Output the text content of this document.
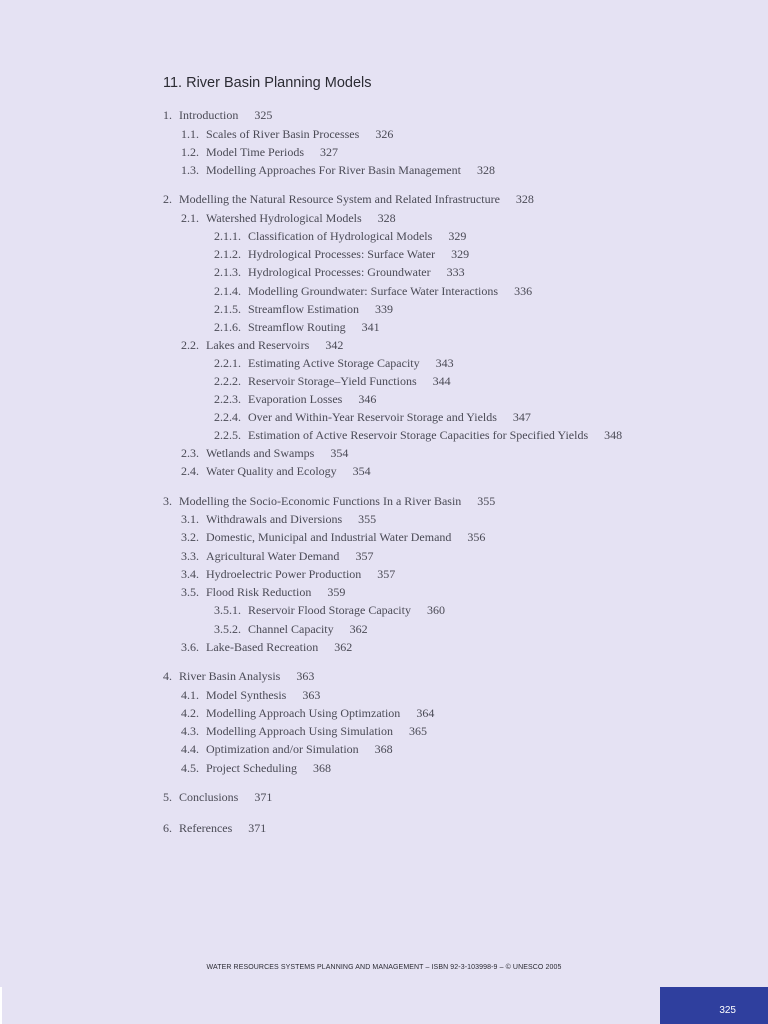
11. River Basin Planning Models
1. Introduction 325
1.1. Scales of River Basin Processes 326
1.2. Model Time Periods 327
1.3. Modelling Approaches For River Basin Management 328
2. Modelling the Natural Resource System and Related Infrastructure 328
2.1. Watershed Hydrological Models 328
2.1.1. Classification of Hydrological Models 329
2.1.2. Hydrological Processes: Surface Water 329
2.1.3. Hydrological Processes: Groundwater 333
2.1.4. Modelling Groundwater: Surface Water Interactions 336
2.1.5. Streamflow Estimation 339
2.1.6. Streamflow Routing 341
2.2. Lakes and Reservoirs 342
2.2.1. Estimating Active Storage Capacity 343
2.2.2. Reservoir Storage–Yield Functions 344
2.2.3. Evaporation Losses 346
2.2.4. Over and Within-Year Reservoir Storage and Yields 347
2.2.5. Estimation of Active Reservoir Storage Capacities for Specified Yields 348
2.3. Wetlands and Swamps 354
2.4. Water Quality and Ecology 354
3. Modelling the Socio-Economic Functions In a River Basin 355
3.1. Withdrawals and Diversions 355
3.2. Domestic, Municipal and Industrial Water Demand 356
3.3. Agricultural Water Demand 357
3.4. Hydroelectric Power Production 357
3.5. Flood Risk Reduction 359
3.5.1. Reservoir Flood Storage Capacity 360
3.5.2. Channel Capacity 362
3.6. Lake-Based Recreation 362
4. River Basin Analysis 363
4.1. Model Synthesis 363
4.2. Modelling Approach Using Optimzation 364
4.3. Modelling Approach Using Simulation 365
4.4. Optimization and/or Simulation 368
4.5. Project Scheduling 368
5. Conclusions 371
6. References 371
WATER RESOURCES SYSTEMS PLANNING AND MANAGEMENT – ISBN 92-3-103998-9 – © UNESCO 2005
325
